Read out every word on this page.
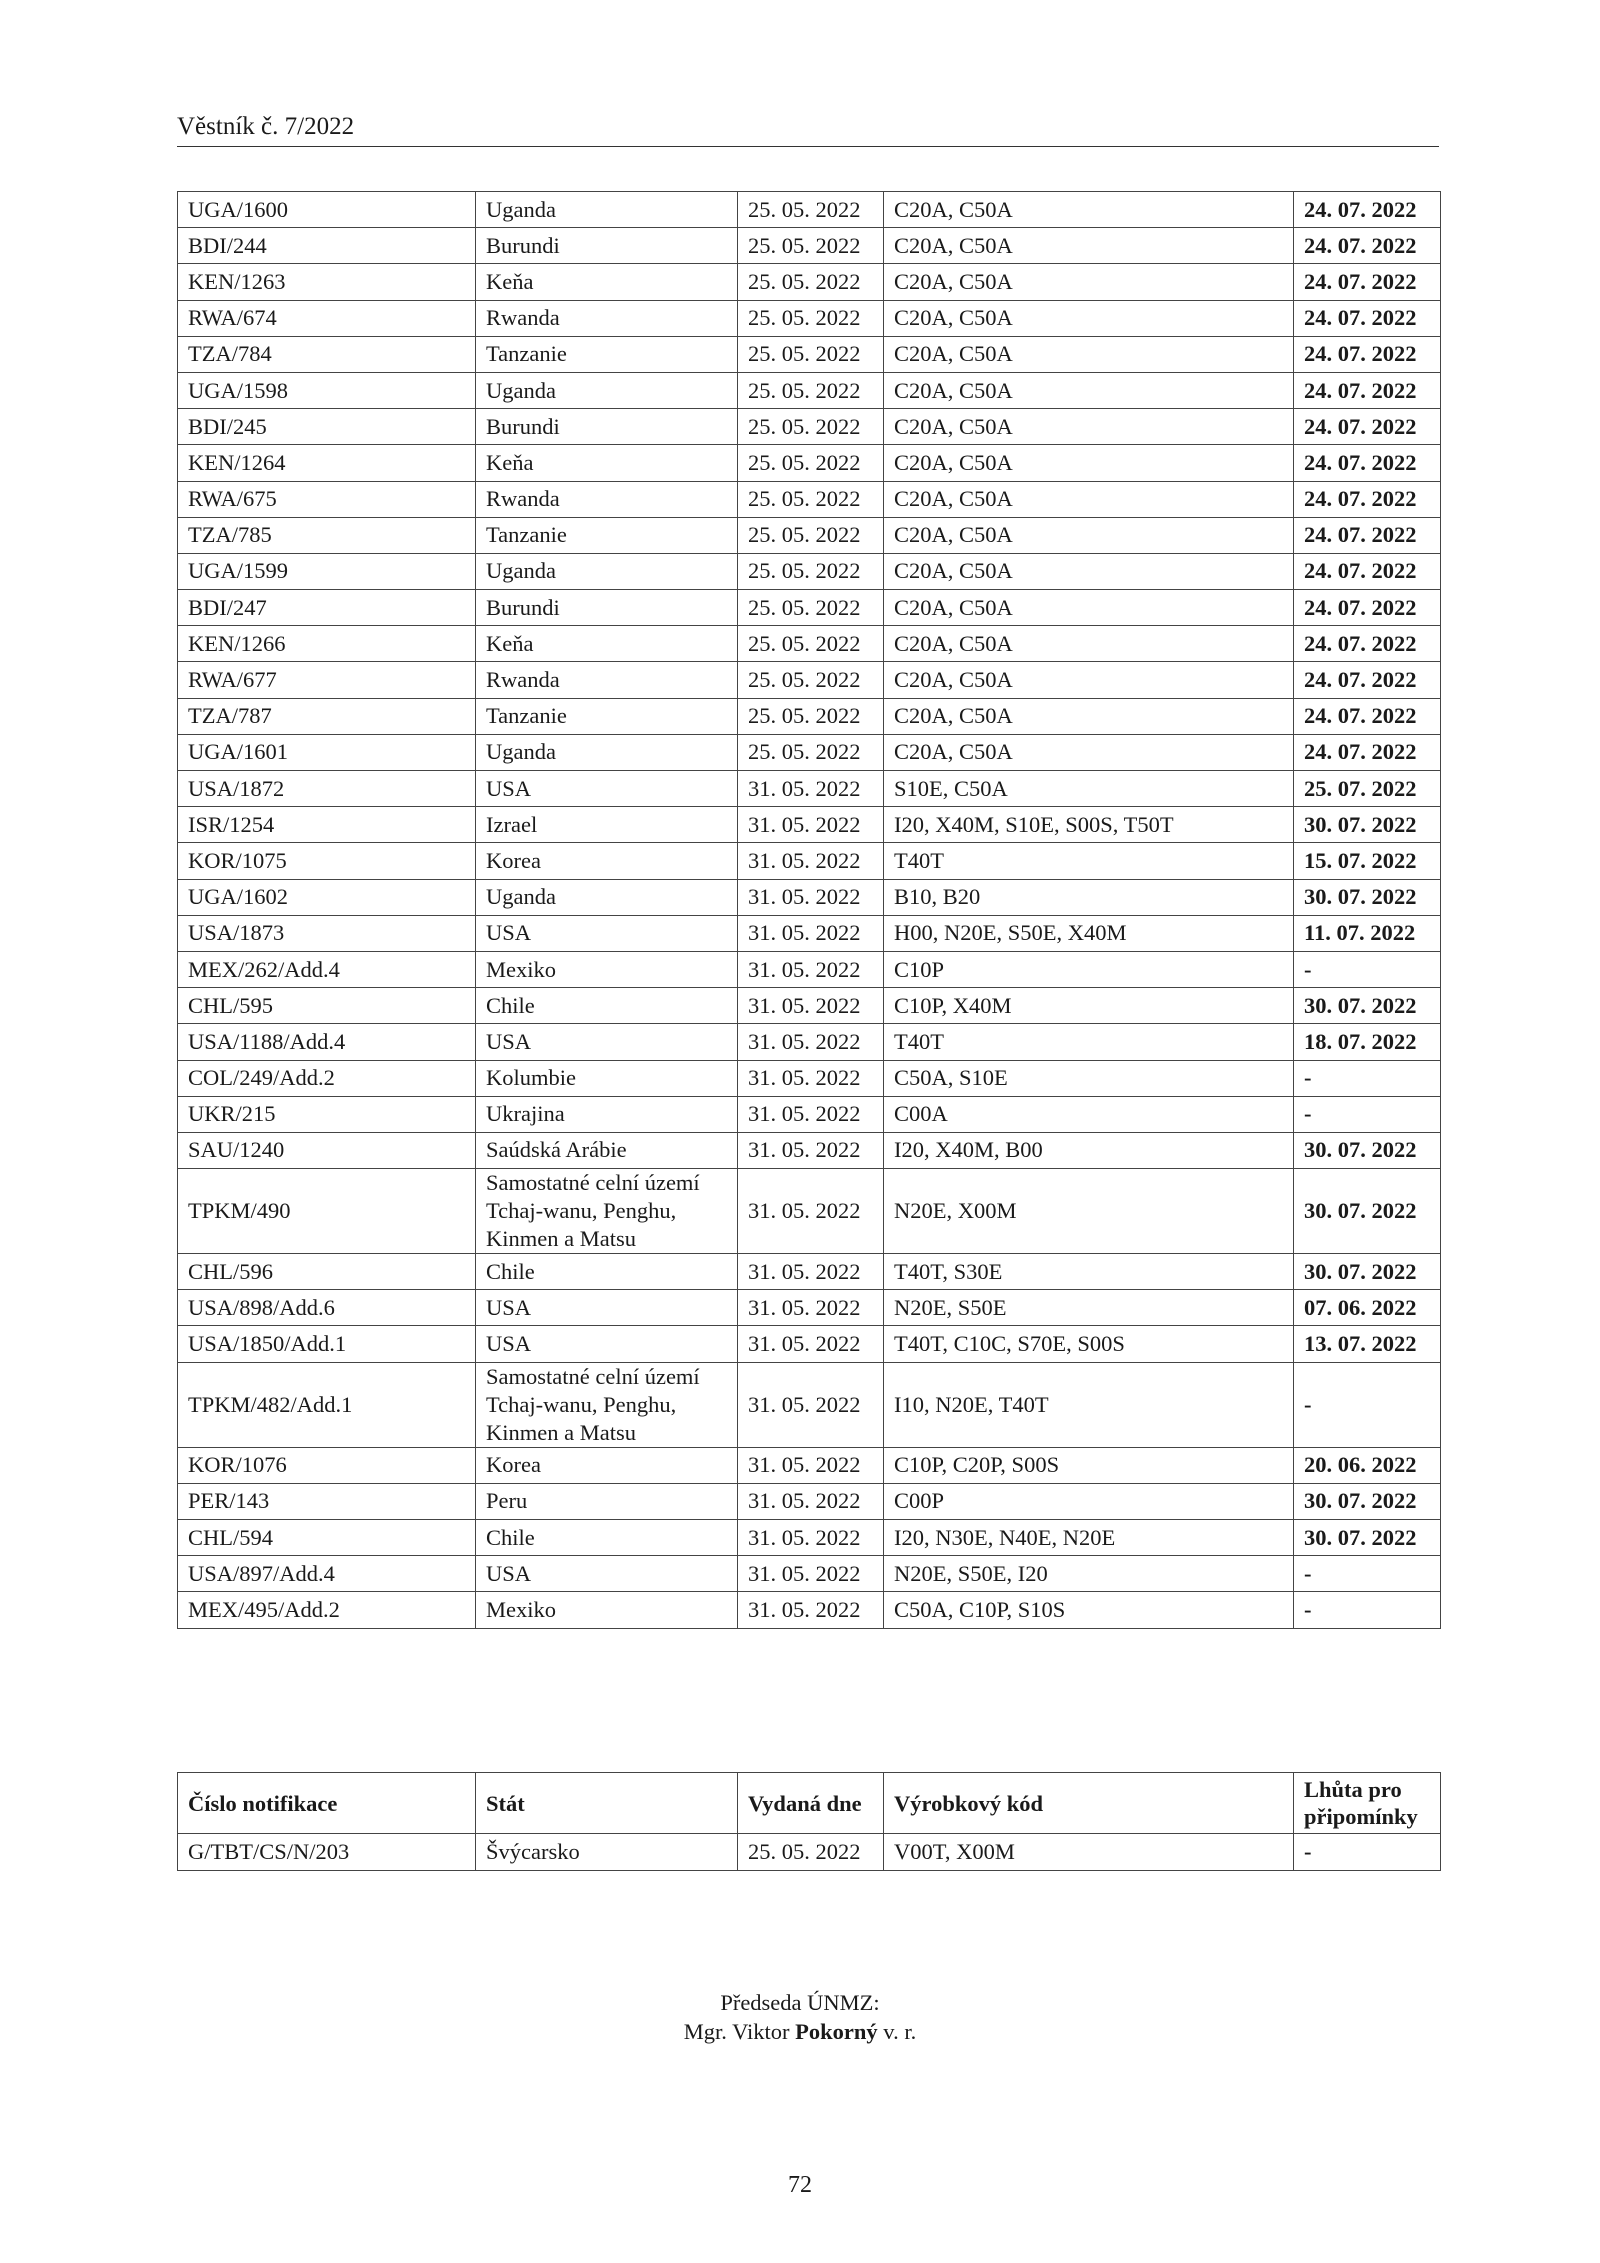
Věstník č. 7/2022
UGA/1600	Uganda	25. 05. 2022	C20A, C50A	24. 07. 2022
BDI/244	Burundi	25. 05. 2022	C20A, C50A	24. 07. 2022
KEN/1263	Keňa	25. 05. 2022	C20A, C50A	24. 07. 2022
RWA/674	Rwanda	25. 05. 2022	C20A, C50A	24. 07. 2022
TZA/784	Tanzanie	25. 05. 2022	C20A, C50A	24. 07. 2022
UGA/1598	Uganda	25. 05. 2022	C20A, C50A	24. 07. 2022
BDI/245	Burundi	25. 05. 2022	C20A, C50A	24. 07. 2022
KEN/1264	Keňa	25. 05. 2022	C20A, C50A	24. 07. 2022
RWA/675	Rwanda	25. 05. 2022	C20A, C50A	24. 07. 2022
TZA/785	Tanzanie	25. 05. 2022	C20A, C50A	24. 07. 2022
UGA/1599	Uganda	25. 05. 2022	C20A, C50A	24. 07. 2022
BDI/247	Burundi	25. 05. 2022	C20A, C50A	24. 07. 2022
KEN/1266	Keňa	25. 05. 2022	C20A, C50A	24. 07. 2022
RWA/677	Rwanda	25. 05. 2022	C20A, C50A	24. 07. 2022
TZA/787	Tanzanie	25. 05. 2022	C20A, C50A	24. 07. 2022
UGA/1601	Uganda	25. 05. 2022	C20A, C50A	24. 07. 2022
USA/1872	USA	31. 05. 2022	S10E, C50A	25. 07. 2022
ISR/1254	Izrael	31. 05. 2022	I20, X40M, S10E, S00S, T50T	30. 07. 2022
KOR/1075	Korea	31. 05. 2022	T40T	15. 07. 2022
UGA/1602	Uganda	31. 05. 2022	B10, B20	30. 07. 2022
USA/1873	USA	31. 05. 2022	H00, N20E, S50E, X40M	11. 07. 2022
MEX/262/Add.4	Mexiko	31. 05. 2022	C10P	-
CHL/595	Chile	31. 05. 2022	C10P, X40M	30. 07. 2022
USA/1188/Add.4	USA	31. 05. 2022	T40T	18. 07. 2022
COL/249/Add.2	Kolumbie	31. 05. 2022	C50A, S10E	-
UKR/215	Ukrajina	31. 05. 2022	C00A	-
SAU/1240	Saúdská Arábie	31. 05. 2022	I20, X40M, B00	30. 07. 2022
TPKM/490	Samostatné celní území Tchaj-wanu, Penghu, Kinmen a Matsu	31. 05. 2022	N20E, X00M	30. 07. 2022
CHL/596	Chile	31. 05. 2022	T40T, S30E	30. 07. 2022
USA/898/Add.6	USA	31. 05. 2022	N20E, S50E	07. 06. 2022
USA/1850/Add.1	USA	31. 05. 2022	T40T, C10C, S70E, S00S	13. 07. 2022
TPKM/482/Add.1	Samostatné celní území Tchaj-wanu, Penghu, Kinmen a Matsu	31. 05. 2022	I10, N20E, T40T	-
KOR/1076	Korea	31. 05. 2022	C10P, C20P, S00S	20. 06. 2022
PER/143	Peru	31. 05. 2022	C00P	30. 07. 2022
CHL/594	Chile	31. 05. 2022	I20, N30E, N40E, N20E	30. 07. 2022
USA/897/Add.4	USA	31. 05. 2022	N20E, S50E, I20	-
MEX/495/Add.2	Mexiko	31. 05. 2022	C50A, C10P, S10S	-
Číslo notifikace	Stát	Vydaná dne	Výrobkový kód	Lhůta pro připomínky
G/TBT/CS/N/203	Švýcarsko	25. 05. 2022	V00T, X00M	-
Předseda ÚNMZ:
Mgr. Viktor Pokorný v. r.
72
